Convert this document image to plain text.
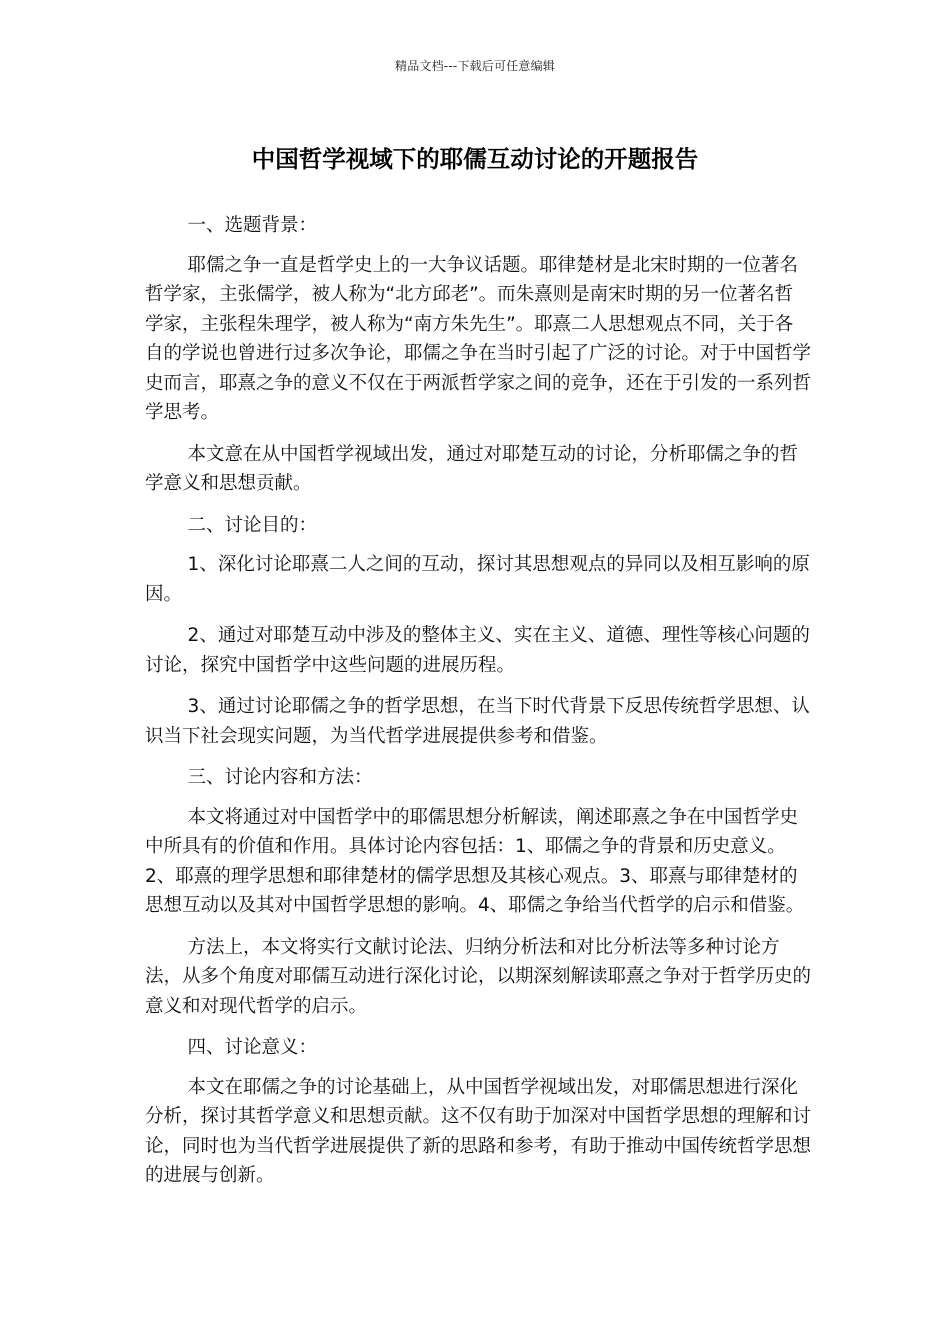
精品文档---下载后可任意编辑
中国哲学视域下的耶儒互动讨论的开题报告

一、选题背景：

耶儒之争一直是哲学史上的一大争议话题。耶律楚材是北宋时期的一位著名哲学家，主张儒学，被人称为“北方邱老”。而朱熹则是南宋时期的另一位著名哲学家，主张程朱理学，被人称为“南方朱先生”。耶熹二人思想观点不同，关于各自的学说也曾进行过多次争论，耶儒之争在当时引起了广泛的讨论。对于中国哲学史而言，耶熹之争的意义不仅在于两派哲学家之间的竞争，还在于引发的一系列哲学思考。

本文意在从中国哲学视域出发，通过对耶楚互动的讨论，分析耶儒之争的哲学意义和思想贡献。

二、讨论目的：

1、深化讨论耶熹二人之间的互动，探讨其思想观点的异同以及相互影响的原因。

2、通过对耶楚互动中涉及的整体主义、实在主义、道德、理性等核心问题的讨论，探究中国哲学中这些问题的进展历程。

3、通过讨论耶儒之争的哲学思想，在当下时代背景下反思传统哲学思想、认识当下社会现实问题，为当代哲学进展提供参考和借鉴。

三、讨论内容和方法：

本文将通过对中国哲学中的耶儒思想分析解读，阐述耶熹之争在中国哲学史中所具有的价值和作用。具体讨论内容包括：1、耶儒之争的背景和历史意义。2、耶熹的理学思想和耶律楚材的儒学思想及其核心观点。3、耶熹与耶律楚材的思想互动以及其对中国哲学思想的影响。4、耶儒之争给当代哲学的启示和借鉴。

方法上，本文将实行文献讨论法、归纳分析法和对比分析法等多种讨论方法，从多个角度对耶儒互动进行深化讨论，以期深刻解读耶熹之争对于哲学历史的意义和对现代哲学的启示。

四、讨论意义：

本文在耶儒之争的讨论基础上，从中国哲学视域出发，对耶儒思想进行深化分析，探讨其哲学意义和思想贡献。这不仅有助于加深对中国哲学思想的理解和讨论，同时也为当代哲学进展提供了新的思路和参考，有助于推动中国传统哲学思想的进展与创新。
